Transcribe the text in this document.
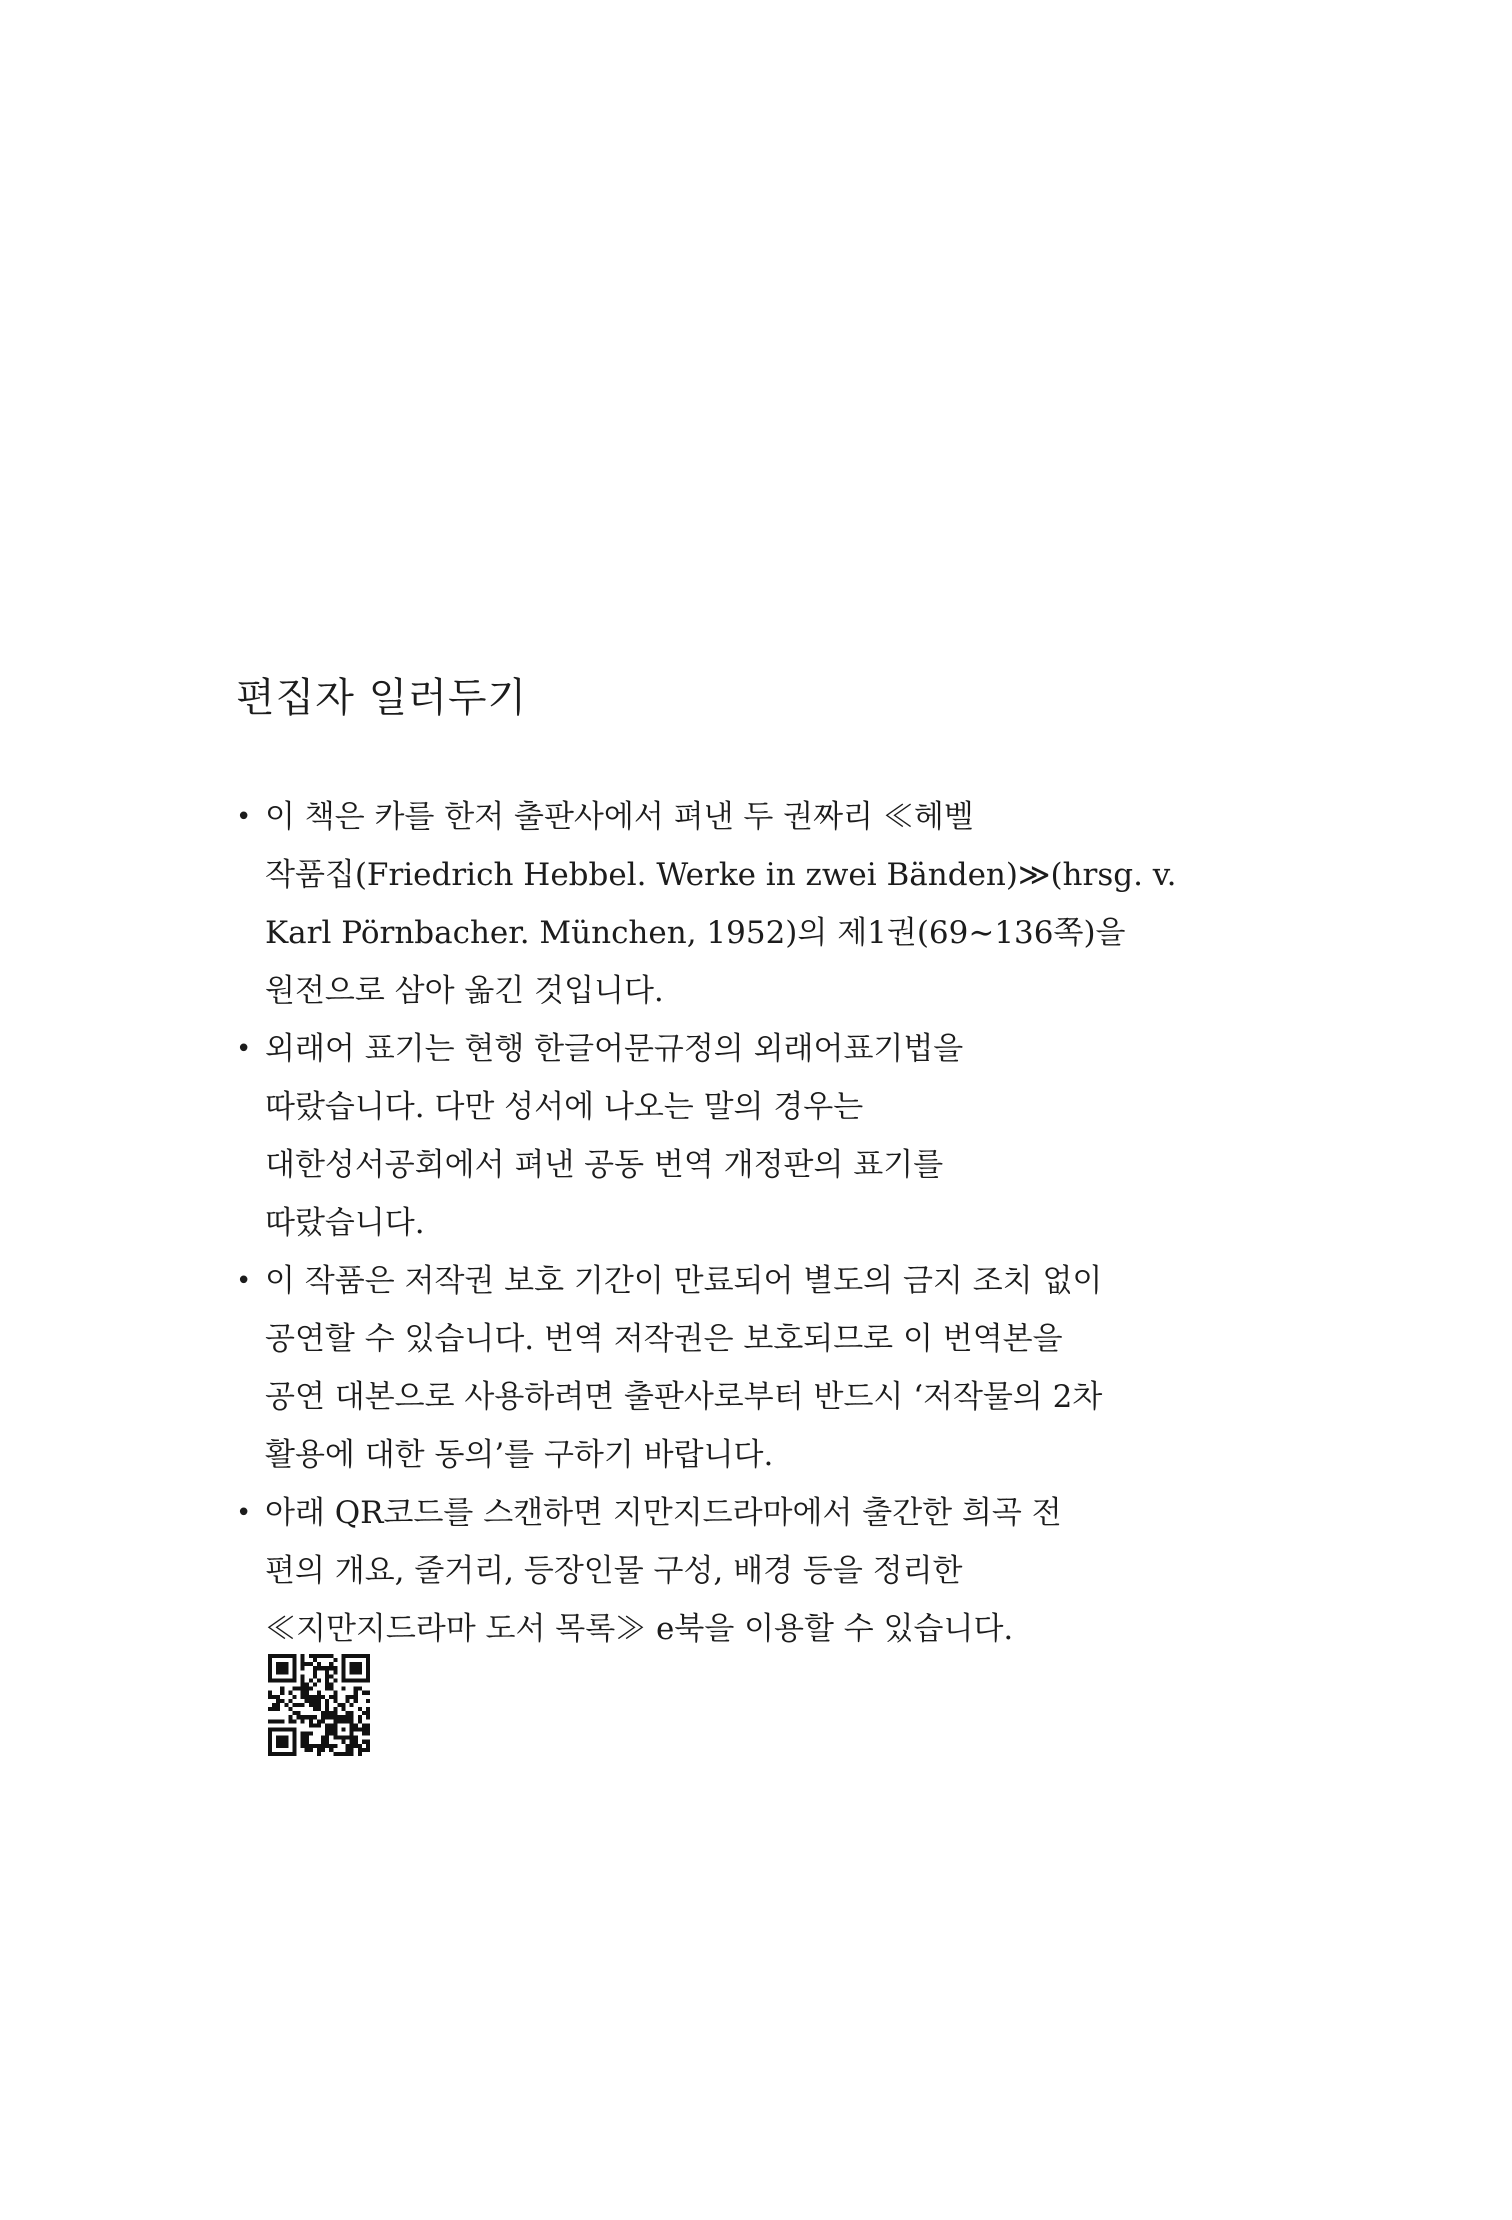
편집자 일러두기
• 이 책은 카를 한저 출판사에서 펴낸 두 권짜리 ≪헤벨
작품집(Friedrich Hebbel. Werke in zwei Bänden)≫(hrsg. v.
Karl Pörnbacher. München, 1952)의 제1권(69∼136쪽)을
원전으로 삼아 옮긴 것입니다.
• 외래어 표기는 현행 한글어문규정의 외래어표기법을
따랐습니다. 다만 성서에 나오는 말의 경우는
대한성서공회에서 펴낸 공동 번역 개정판의 표기를
따랐습니다.
• 이 작품은 저작권 보호 기간이 만료되어 별도의 금지 조치 없이
공연할 수 있습니다. 번역 저작권은 보호되므로 이 번역본을
공연 대본으로 사용하려면 출판사로부터 반드시 ‘저작물의 2차
활용에 대한 동의’를 구하기 바랍니다.
• 아래 QR코드를 스캔하면 지만지드라마에서 출간한 희곡 전
편의 개요, 줄거리, 등장인물 구성, 배경 등을 정리한
≪지만지드라마 도서 목록≫ e북을 이용할 수 있습니다.
